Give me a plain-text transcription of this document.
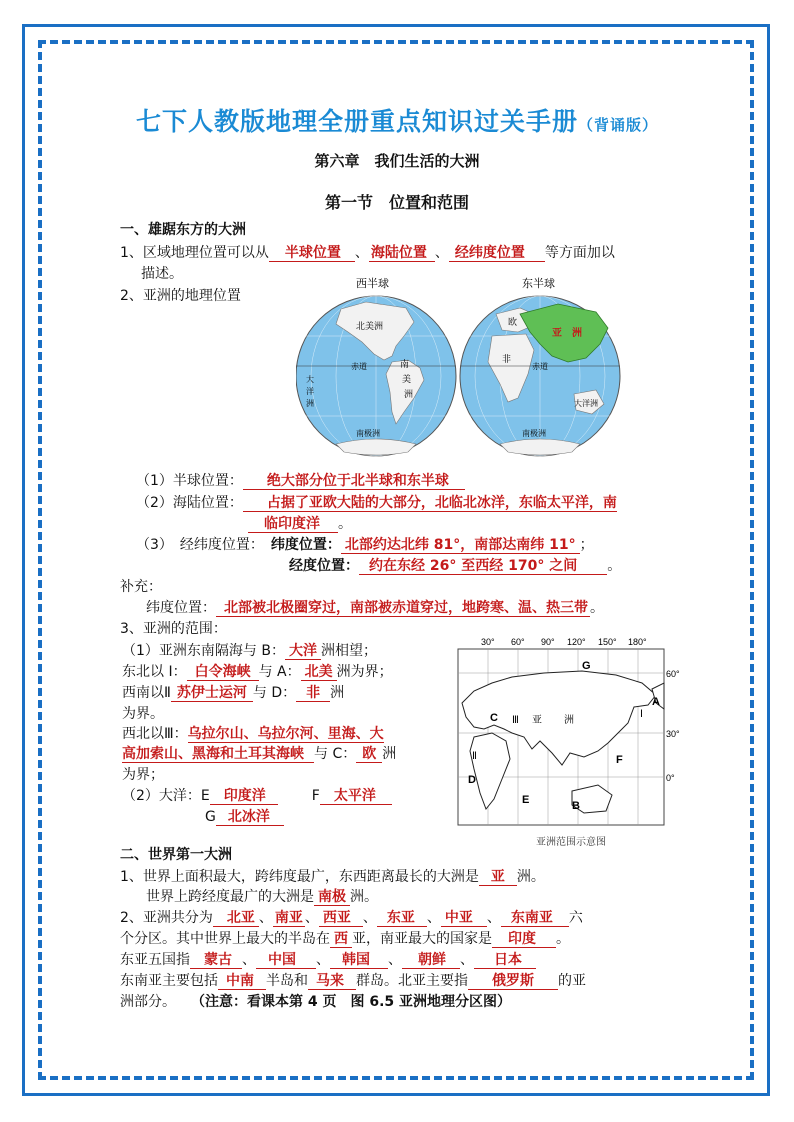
七下人教版地理全册重点知识过关手册（背诵版）
第六章　我们生活的大洲
第一节　位置和范围
一、雄踞东方的大洲
1、区域地理位置可以从 半球位置 、 海陆位置 、 经纬度位置 等方面加以
描述。
2、亚洲的地理位置
西半球	东半球
北美洲
赤道	南
美
洲
大
洋
洲
南极洲
欧
亚　洲
非
赤道
大洋洲
南极洲
（1）半球位置： 绝大部分位于北半球和东半球
（2）海陆位置： 占据了亚欧大陆的大部分，北临北冰洋，东临太平洋，南
临印度洋 。
（3）　经纬度位置：　 纬度位置： 北部约达北纬 81°，南部达南纬 11° ；
经度位置： 约在东经 26° 至西经 170° 之间 。
补充：
纬度位置： 北部被北极圈穿过，南部被赤道穿过，地跨寒、温、热三带 。
3、亚洲的范围：
（1）亚洲东南隔海与 B： 大洋 洲相望；
东北以 I： 白令海峡 与 A： 北美 洲为界；
西南以Ⅱ 苏伊士运河 与 D： 非 洲
为界。
西北以Ⅲ：乌拉尔山、乌拉尔河、里海、大
高加索山、黑海和土耳其海峡 与 C： 欧 洲
为界；
（2）大洋：E 印度洋	F 太平洋
G 北冰洋
30° 60° 90° 120° 150° 180°
60°
30°
0°
G
A
B
C
D
E
F
Ⅰ
Ⅱ
Ⅲ 亚 洲
亚洲范围示意图
二、世界第一大洲
1、世界上面积最大，跨纬度最广，东西距离最长的大洲是 亚 洲。
世界上跨经度最广的大洲是 南极 洲。
2、亚洲共分为 北亚 、 南亚 、 西亚 、 东亚 、 中亚 、 东南亚 六
个分区。其中世界上最大的半岛在 西 亚，南亚最大的国家是 印度 。
东亚五国指 蒙古 、 中国 、 韩国 、 朝鲜 、 日本
东南亚主要包括 中南 半岛和 马来 群岛。北亚主要指 俄罗斯 的亚
洲部分。 （注意：看课本第 4 页　图 6.5 亚洲地理分区图）
